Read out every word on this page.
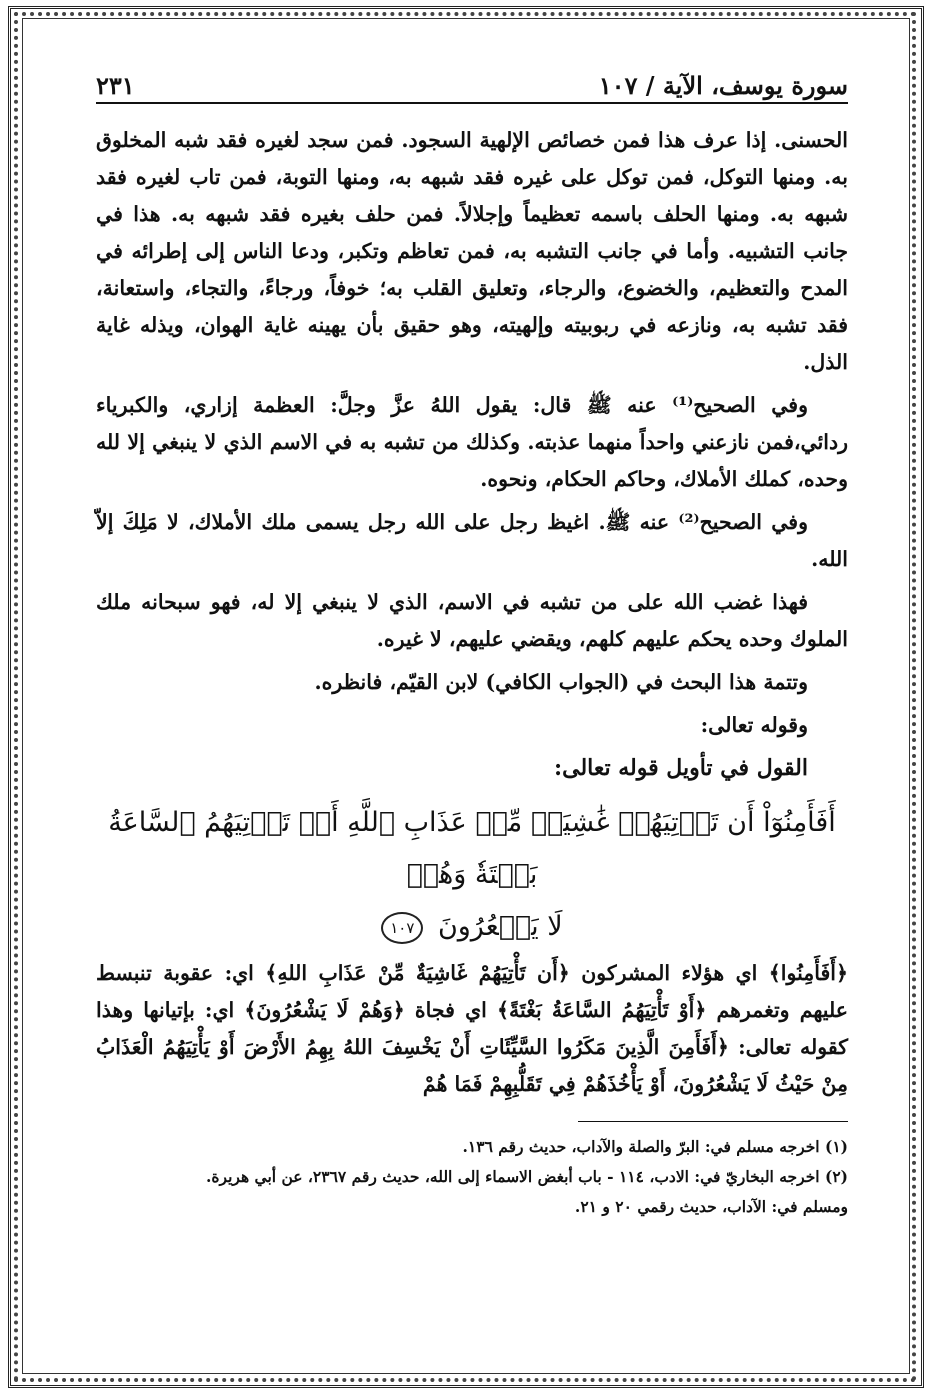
سورة يوسف، الآية / ١٠٧
٢٣١

الحسنى. إذا عرف هذا فمن خصائص الإلهية السجود. فمن سجد لغيره فقد شبه المخلوق به. ومنها التوكل، فمن توكل على غيره فقد شبهه به، ومنها التوبة، فمن تاب لغيره فقد شبهه به. ومنها الحلف باسمه تعظيماً وإجلالاً. فمن حلف بغيره فقد شبهه به. هذا في جانب التشبيه. وأما في جانب التشبه به، فمن تعاظم وتكبر، ودعا الناس إلى إطرائه في المدح والتعظيم، والخضوع، والرجاء، وتعليق القلب به؛ خوفاً، ورجاءً، والتجاء، واستعانة، فقد تشبه به، ونازعه في ربوبيته وإلهيته، وهو حقيق بأن يهينه غاية الهوان، ويذله غاية الذل.

وفي الصحيح⁽¹⁾ عنه ﷺ قال: يقول اللهُ عزَّ وجلَّ: العظمة إزاري، والكبرياء ردائي،فمن نازعني واحداً منهما عذبته. وكذلك من تشبه به في الاسم الذي لا ينبغي إلا لله وحده، كملك الأملاك، وحاكم الحكام، ونحوه.

وفي الصحيح⁽²⁾ عنه ﷺ. اغيظ رجل على الله رجل يسمى ملك الأملاك، لا مَلِكَ إلاّ الله.

فهذا غضب الله على من تشبه في الاسم، الذي لا ينبغي إلا له، فهو سبحانه ملك الملوك وحده يحكم عليهم كلهم، ويقضي عليهم، لا غيره.

وتتمة هذا البحث في (الجواب الكافي) لابن القيّم، فانظره.

وقوله تعالى:

القول في تأويل قوله تعالى:
أَفَأَمِنُوٓاْ أَن تَأۡتِيَهُمۡ غَٰشِيَةٞ مِّنۡ عَذَابِ ٱللَّهِ أَوۡ تَأۡتِيَهُمُ ٱلسَّاعَةُ بَغۡتَةٗ وَهُمۡ
لَا يَشۡعُرُونَ ١٠٧

﴿أَفَأَمِنُوا﴾ اي هؤلاء المشركون ﴿أَن تَأْتِيَهُمْ غَاشِيَةٌ مِّنْ عَذَابِ اللهِ﴾ اي: عقوبة تنبسط عليهم وتغمرهم ﴿أَوْ تَأْتِيَهُمُ السَّاعَةُ بَغْتَةً﴾ اي فجاة ﴿وَهُمْ لَا يَشْعُرُونَ﴾ اي: بإتيانها وهذا كقوله تعالى: ﴿أَفَأَمِنَ الَّذِينَ مَكَرُوا السَّيِّئَاتِ أَنْ يَخْسِفَ اللهُ بِهِمُ الأَرْضَ أَوْ يَأْتِيَهُمُ الْعَذَابُ مِنْ حَيْثُ لَا يَشْعُرُونَ، أَوْ يَأْخُذَهُمْ فِي تَقَلُّبِهِمْ فَمَا هُمْ

(١) اخرجه مسلم في: البرّ والصلة والآداب، حديث رقم ١٣٦.

(٢) اخرجه البخاريّ في: الادب، ١١٤ - باب أبغض الاسماء إلى الله، حديث رقم ٢٣٦٧، عن أبي هريرة.

ومسلم في: الآداب، حديث رقمي ٢٠ و ٢١.
